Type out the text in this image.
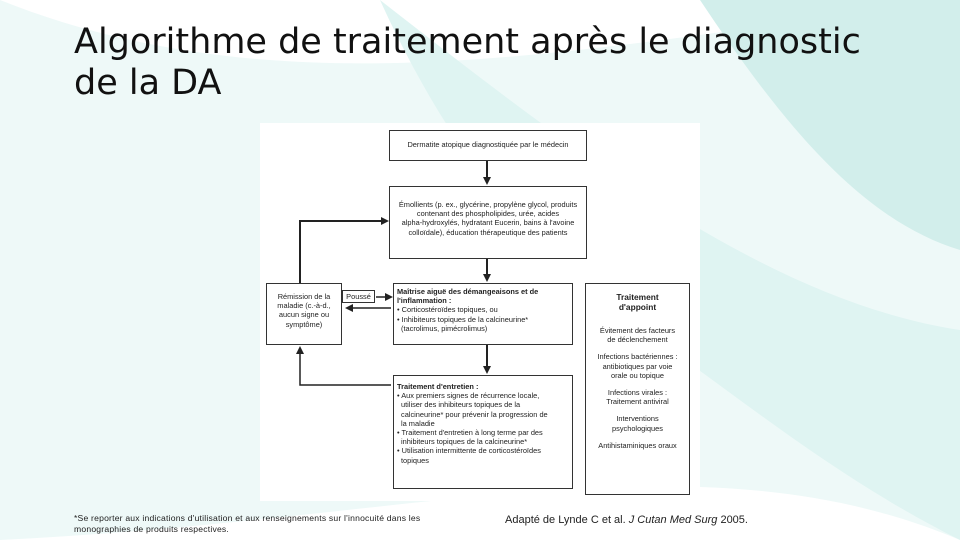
Algorithme de traitement après le diagnostic
de la DA
Dermatite atopique diagnostiquée par le médecin
Émollients (p. ex., glycérine, propylène glycol, produits
contenant des phospholipides, urée, acides
alpha-hydroxylés, hydratant Eucerin, bains à l'avoine
colloïdale), éducation thérapeutique des patients
Maîtrise aiguë des démangeaisons et de
l'inflammation :
• Corticostéroïdes topiques, ou
• Inhibiteurs topiques de la calcineurine*
(tacrolimus, pimécrolimus)
Rémission de la
maladie (c.-à-d.,
aucun signe ou
symptôme)
Poussé
Traitement d'entretien :
• Aux premiers signes de récurrence locale,
utiliser des inhibiteurs topiques de la
calcineurine* pour prévenir la progression de
la maladie
• Traitement d'entretien à long terme par des
inhibiteurs topiques de la calcineurine*
• Utilisation intermittente de corticostéroïdes
topiques
Traitement
d'appoint
Évitement des facteurs
de déclenchement
Infections bactériennes :
antibiotiques par voie
orale ou topique
Infections virales :
Traitement antiviral
Interventions
psychologiques
Antihistaminiques oraux
*Se reporter aux indications d'utilisation et aux renseignements sur l'innocuité dans les monographies de produits respectives.
Adapté de Lynde C et al. J Cutan Med Surg 2005.
